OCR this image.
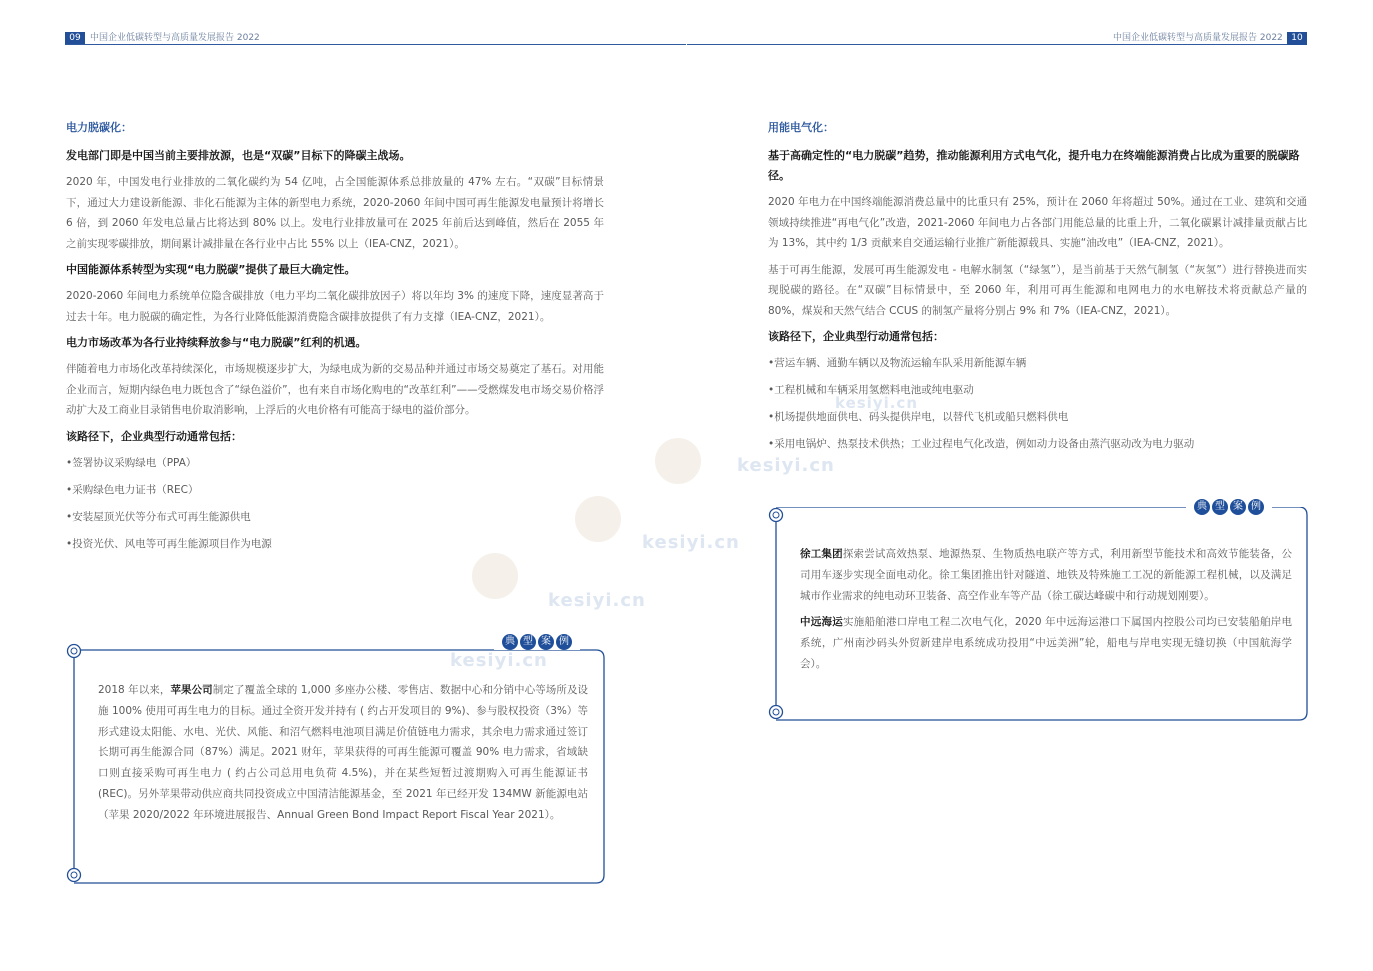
09	中国企业低碳转型与高质量发展报告 2022
电力脱碳化：
发电部门即是中国当前主要排放源，也是“双碳”目标下的降碳主战场。

2020 年，中国发电行业排放的二氧化碳约为 54 亿吨，占全国能源体系总排放量的 47% 左右。“双碳”目标情景下，通过大力建设新能源、非化石能源为主体的新型电力系统，2020-2060 年间中国可再生能源发电量预计将增长 6 倍，到 2060 年发电总量占比将达到 80% 以上。发电行业排放量可在 2025 年前后达到峰值，然后在 2055 年之前实现零碳排放，期间累计减排量在各行业中占比 55% 以上（IEA-CNZ，2021）。

中国能源体系转型为实现“电力脱碳”提供了最巨大确定性。

2020-2060 年间电力系统单位隐含碳排放（电力平均二氧化碳排放因子）将以年均 3% 的速度下降，速度显著高于过去十年。电力脱碳的确定性，为各行业降低能源消费隐含碳排放提供了有力支撑（IEA-CNZ，2021）。

电力市场改革为各行业持续释放参与“电力脱碳”红利的机遇。

伴随着电力市场化改革持续深化，市场规模逐步扩大，为绿电成为新的交易品种并通过市场交易奠定了基石。对用能企业而言，短期内绿色电力既包含了“绿色溢价”，也有来自市场化购电的“改革红利”——受燃煤发电市场交易价格浮动扩大及工商业目录销售电价取消影响，上浮后的火电价格有可能高于绿电的溢价部分。

该路径下，企业典型行动通常包括：
• 签署协议采购绿电（PPA）
• 采购绿色电力证书（REC）
• 安装屋顶光伏等分布式可再生能源供电
• 投资光伏、风电等可再生能源项目作为电源
典 型 案 例

2018 年以来，苹果公司制定了覆盖全球的 1,000 多座办公楼、零售店、数据中心和分销中心等场所及设施 100% 使用可再生电力的目标。通过全资开发并持有 ( 约占开发项目的 9%)、参与股权投资（3%）等形式建设太阳能、水电、光伏、风能、和沼气燃料电池项目满足价值链电力需求，其余电力需求通过签订长期可再生能源合同（87%）满足。2021 财年，苹果获得的可再生能源可覆盖 90% 电力需求，省域缺口则直接采购可再生电力 ( 约占公司总用电负荷 4.5%)，并在某些短暂过渡期购入可再生能源证书 (REC)。另外苹果带动供应商共同投资成立中国清洁能源基金，至 2021 年已经开发 134MW 新能源电站（苹果 2020/2022 年环境进展报告、Annual Green Bond Impact Report Fiscal Year 2021）。

kesiyi.cn
kesiyi.cn
kesiyi.cn
中国企业低碳转型与高质量发展报告 2022 10
用能电气化：
基于高确定性的“电力脱碳”趋势，推动能源利用方式电气化，提升电力在终端能源消费占比成为重要的脱碳路径。

2020 年电力在中国终端能源消费总量中的比重只有 25%，预计在 2060 年将超过 50%。通过在工业、建筑和交通领域持续推进“再电气化”改造，2021-2060 年间电力占各部门用能总量的比重上升，二氧化碳累计减排量贡献占比为 13%，其中约 1/3 贡献来自交通运输行业推广新能源载具、实施“油改电”（IEA-CNZ，2021）。

基于可再生能源，发展可再生能源发电 - 电解水制氢（“绿氢”），是当前基于天然气制氢（“灰氢”）进行替换进而实现脱碳的路径。在“双碳”目标情景中，至 2060 年，利用可再生能源和电网电力的水电解技术将贡献总产量的 80%，煤炭和天然气结合 CCUS 的制氢产量将分别占 9% 和 7%（IEA-CNZ，2021）。

该路径下，企业典型行动通常包括：
• 营运车辆、通勤车辆以及物流运输车队采用新能源车辆
• 工程机械和车辆采用氢燃料电池或纯电驱动
• 机场提供地面供电、码头提供岸电，以替代飞机或船只燃料供电
• 采用电锅炉、热泵技术供热；工业过程电气化改造，例如动力设备由蒸汽驱动改为电力驱动
典 型 案 例

徐工集团探索尝试高效热泵、地源热泵、生物质热电联产等方式，利用新型节能技术和高效节能装备，公司用车逐步实现全面电动化。徐工集团推出针对隧道、地铁及特殊施工工况的新能源工程机械，以及满足城市作业需求的纯电动环卫装备、高空作业车等产品（徐工碳达峰碳中和行动规划刚要）。

中远海运实施船舶港口岸电工程二次电气化，2020 年中远海运港口下属国内控股公司均已安装船舶岸电系统，广州南沙码头外贸新建岸电系统成功投用“中远美洲”轮，船电与岸电实现无缝切换（中国航海学会）。

kesiyi.cn
kesiyi.cn
